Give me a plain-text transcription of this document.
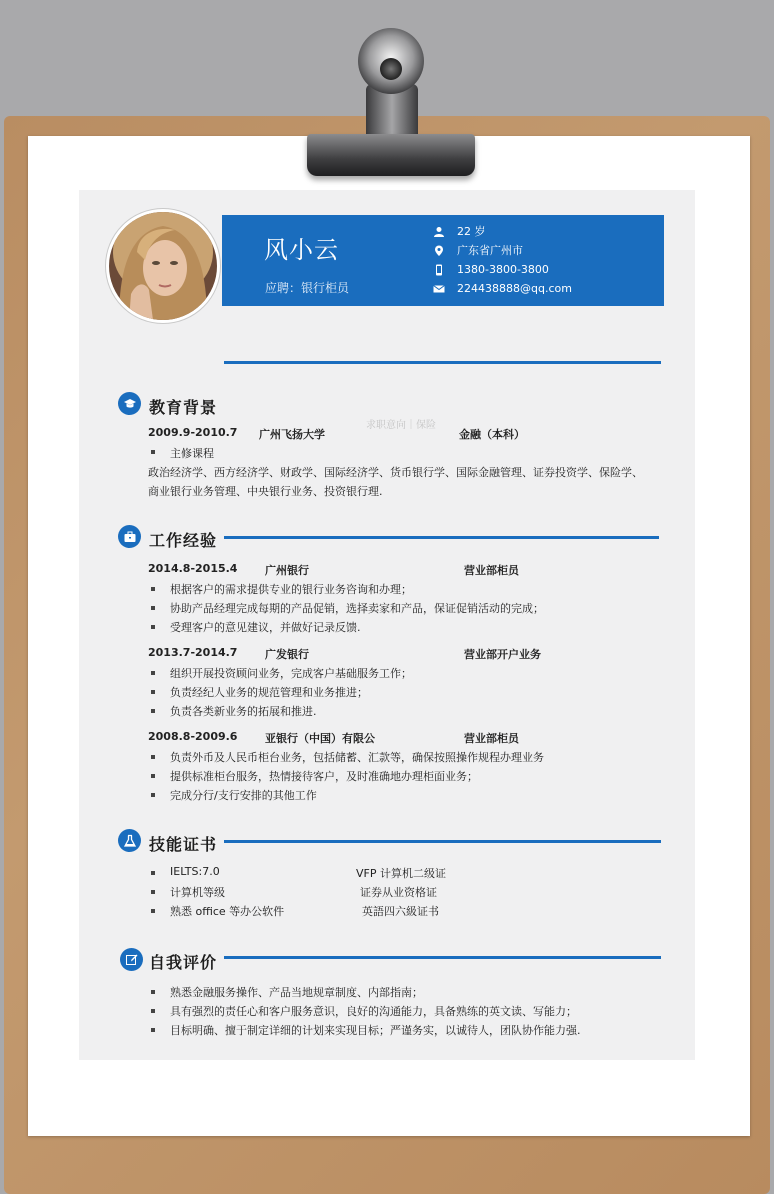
风小云
应聘：银行柜员
22 岁
广东省广州市
1380-3800-3800
224438888@qq.com
教育背景
求职意向｜保险
2009.9-2010.7 广州飞扬大学	金融（本科）
主修课程
政治经济学、西方经济学、财政学、国际经济学、货币银行学、国际金融管理、证券投资学、保险学、
商业银行业务管理、中央银行业务、投资银行理.
工作经验
2014.8-2015.4	广州银行	营业部柜员
根据客户的需求提供专业的银行业务咨询和办理；
协助产品经理完成每期的产品促销，选择卖家和产品，保证促销活动的完成；
受理客户的意见建议，并做好记录反馈.
2013.7-2014.7	广发银行	营业部开户业务
组织开展投资顾问业务，完成客户基础服务工作；
负责经纪人业务的规范管理和业务推进；
负责各类新业务的拓展和推进.
2008.8-2009.6	亚银行（中国）有限公	营业部柜员
负责外币及人民币柜台业务，包括储蓄、汇款等，确保按照操作规程办理业务
提供标准柜台服务，热情接待客户，及时准确地办理柜面业务；
完成分行/支行安排的其他工作
技能证书
IELTS:7.0	VFP 计算机二级证
计算机等级	证券从业资格证
熟悉 office 等办公软件	英語四六級证书
自我评价
熟悉金融服务操作、产品当地规章制度、内部指南；
具有强烈的责任心和客户服务意识，良好的沟通能力，具备熟练的英文读、写能力；
目标明确、擅于制定详细的计划来实现目标；严谨务实，以诚待人，团队协作能力强.
